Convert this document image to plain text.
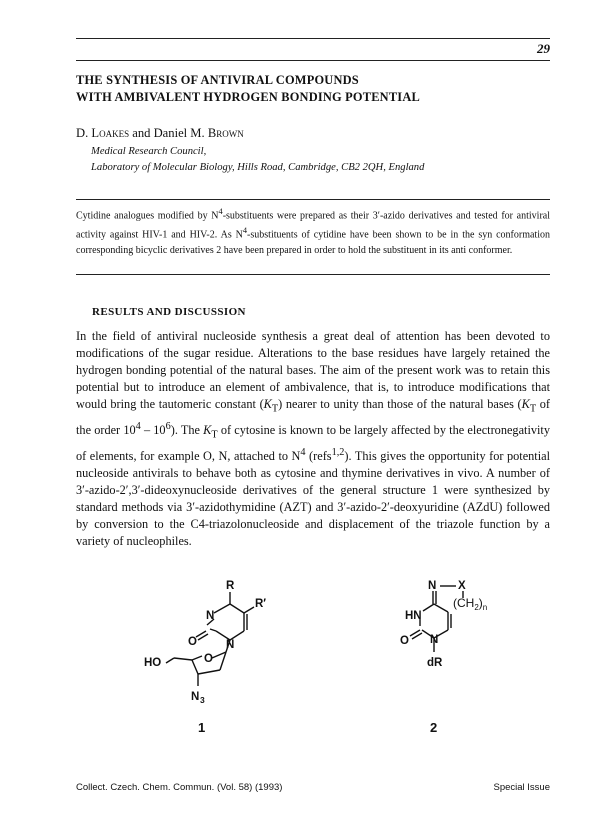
29
THE SYNTHESIS OF ANTIVIRAL COMPOUNDS
WITH AMBIVALENT HYDROGEN BONDING POTENTIAL
D. Loakes and Daniel M. Brown
Medical Research Council,
Laboratory of Molecular Biology, Hills Road, Cambridge, CB2 2QH, England
Cytidine analogues modified by $N^4$-substituents were prepared as their 3′-azido derivatives and tested for antiviral activity against HIV-1 and HIV-2. As $N^4$-substituents of cytidine have been shown to be in the syn conformation corresponding bicyclic derivatives 2 have been prepared in order to hold the substituent in its anti conformer.
RESULTS AND DISCUSSION
In the field of antiviral nucleoside synthesis a great deal of attention has been devoted to modifications of the sugar residue. Alterations to the base residues have largely retained the hydrogen bonding potential of the natural bases. The aim of the present work was to retain this potential but to introduce an element of ambivalence, that is, to introduce modifications that would bring the tautomeric constant $(K_T)$ nearer to unity than those of the natural bases ($K_T$ of the order $10^4 - 10^6$). The $K_T$ of cytosine is known to be largely affected by the electronegativity of elements, for example O, N, attached to $N^4$ (refs$^{1,2}$). This gives the opportunity for potential nucleoside antivirals to behave both as cytosine and thymine derivatives in vivo. A number of 3′-azido-2′,3′-dideoxynucleoside derivatives of the general structure 1 were synthesized by standard methods via 3′-azidothymidine (AZT) and 3′-azido-2′-deoxyuridine (AZdU) followed by conversion to the C4-triazolonucleoside and displacement of the triazole function by a variety of nucleophiles.
R
R′
N
N
O
O
HO
N 3
1
N X
HN
O N
dR
$(CH_2)_n$
2
Collect. Czech. Chem. Commun. (Vol. 58) (1993)	Special Issue
